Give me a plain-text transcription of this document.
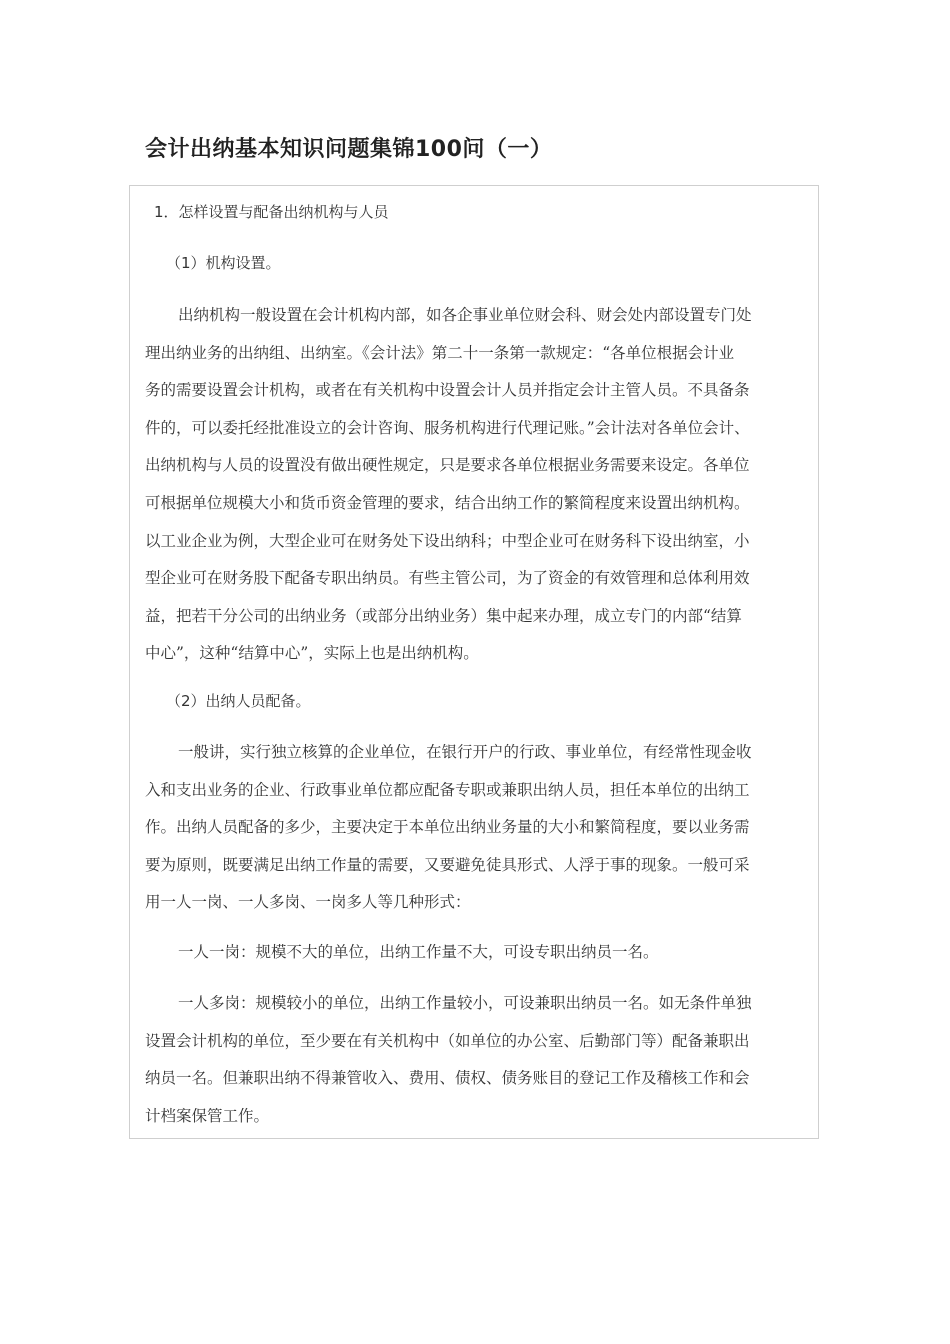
会计出纳基本知识问题集锦100问（一）

1．怎样设置与配备出纳机构与人员

（1）机构设置。

出纳机构一般设置在会计机构内部，如各企事业单位财会科、财会处内部设置专门处
理出纳业务的出纳组、出纳室。《会计法》第二十一条第一款规定：“各单位根据会计业
务的需要设置会计机构，或者在有关机构中设置会计人员并指定会计主管人员。不具备条
件的，可以委托经批准设立的会计咨询、服务机构进行代理记账。”会计法对各单位会计、
出纳机构与人员的设置没有做出硬性规定，只是要求各单位根据业务需要来设定。各单位
可根据单位规模大小和货币资金管理的要求，结合出纳工作的繁简程度来设置出纳机构。
以工业企业为例，大型企业可在财务处下设出纳科；中型企业可在财务科下设出纳室，小
型企业可在财务股下配备专职出纳员。有些主管公司，为了资金的有效管理和总体利用效
益，把若干分公司的出纳业务（或部分出纳业务）集中起来办理，成立专门的内部“结算
中心”，这种“结算中心”，实际上也是出纳机构。

（2）出纳人员配备。

一般讲，实行独立核算的企业单位，在银行开户的行政、事业单位，有经常性现金收
入和支出业务的企业、行政事业单位都应配备专职或兼职出纳人员，担任本单位的出纳工
作。出纳人员配备的多少，主要决定于本单位出纳业务量的大小和繁简程度，要以业务需
要为原则，既要满足出纳工作量的需要，又要避免徒具形式、人浮于事的现象。一般可采
用一人一岗、一人多岗、一岗多人等几种形式：
一人一岗：规模不大的单位，出纳工作量不大，可设专职出纳员一名。
一人多岗：规模较小的单位，出纳工作量较小，可设兼职出纳员一名。如无条件单独
设置会计机构的单位，至少要在有关机构中（如单位的办公室、后勤部门等）配备兼职出
纳员一名。但兼职出纳不得兼管收入、费用、债权、债务账目的登记工作及稽核工作和会
计档案保管工作。
